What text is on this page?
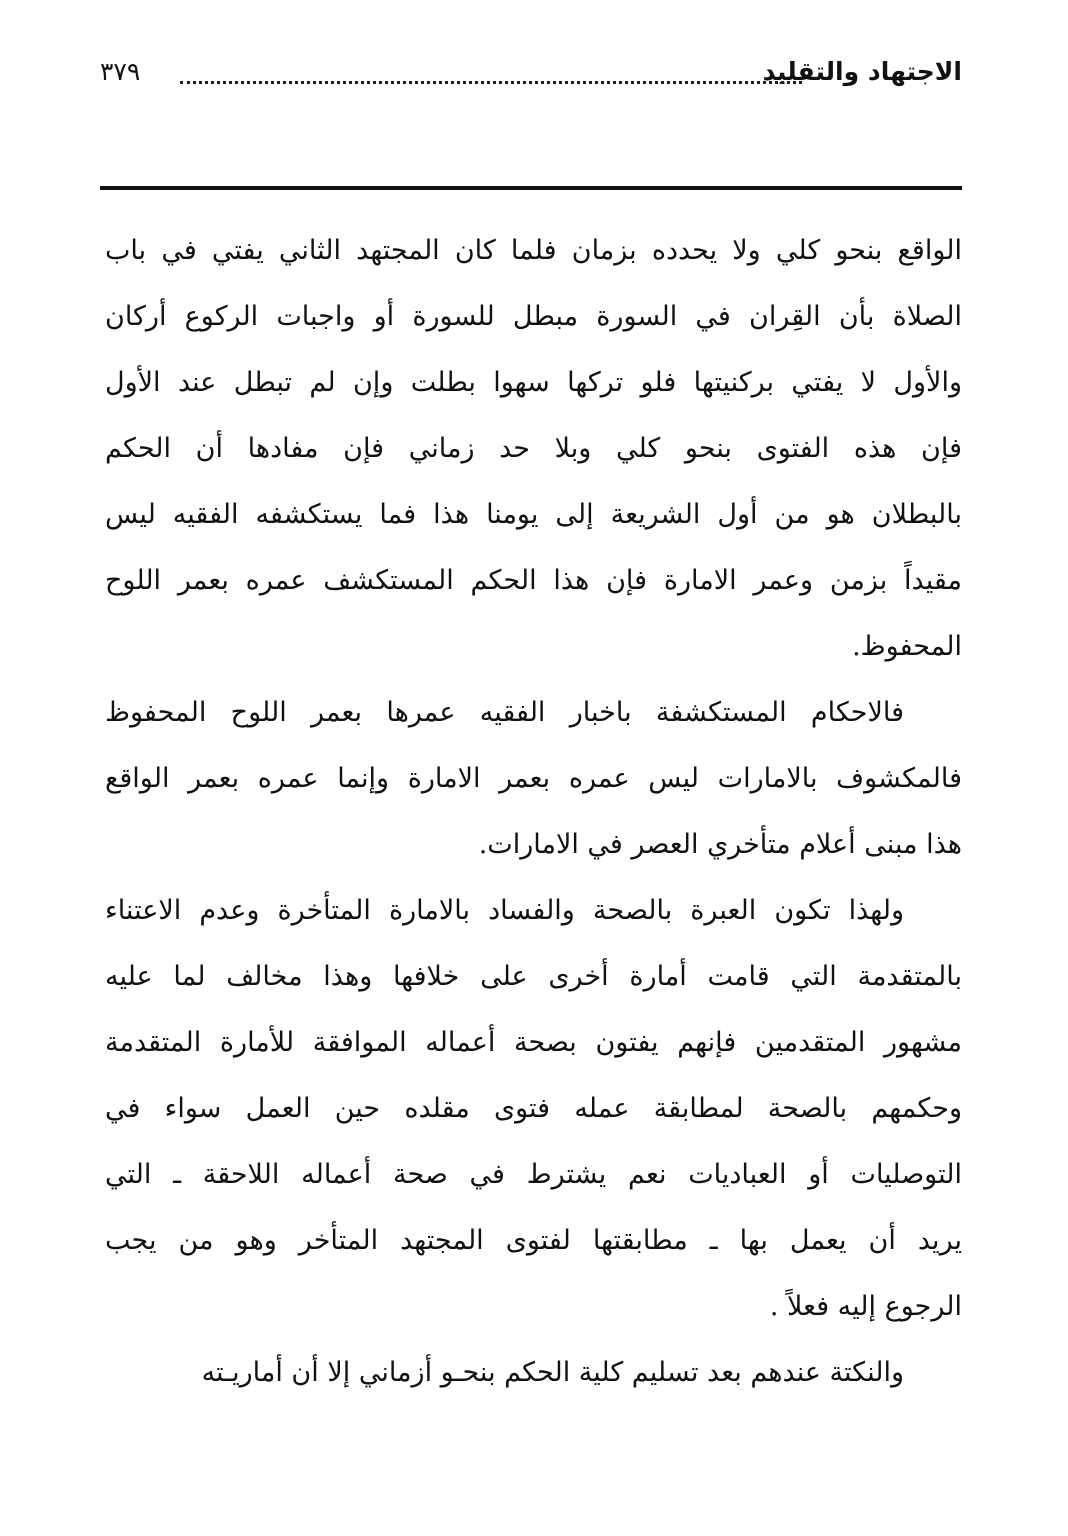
الاجتهاد والتقليد
٣٧٩
الواقع بنحو كلي ولا يحدده بزمان فلما كان المجتهد الثاني يفتي في باب
الصلاة بأن القِران في السورة مبطل للسورة أو واجبات الركوع أركان
والأول لا يفتي بركنيتها فلو تركها سهوا بطلت وإن لم تبطل عند الأول
فإن هذه الفتوى بنحو كلي وبلا حد زماني فإن مفادها أن الحكم
بالبطلان هو من أول الشريعة إلى يومنا هذا فما يستكشفه الفقيه ليس
مقيداً بزمن وعمر الامارة فإن هذا الحكم المستكشف عمره بعمر اللوح
المحفوظ.
فالاحكام المستكشفة باخبار الفقيه عمرها بعمر اللوح المحفوظ
فالمكشوف بالامارات ليس عمره بعمر الامارة وإنما عمره بعمر الواقع
هذا مبنى أعلام متأخري العصر في الامارات.
ولهذا تكون العبرة بالصحة والفساد بالامارة المتأخرة وعدم الاعتناء
بالمتقدمة التي قامت أمارة أخرى على خلافها وهذا مخالف لما عليه
مشهور المتقدمين فإنهم يفتون بصحة أعماله الموافقة للأمارة المتقدمة
وحكمهم بالصحة لمطابقة عمله فتوى مقلده حين العمل سواء في
التوصليات أو العباديات نعم يشترط في صحة أعماله اللاحقة ـ التي
يريد أن يعمل بها ـ مطابقتها لفتوى المجتهد المتأخر وهو من يجب
الرجوع إليه فعلاً .
والنكتة عندهم بعد تسليم كلية الحكم بنحـو أزماني إلا أن أماريـته
